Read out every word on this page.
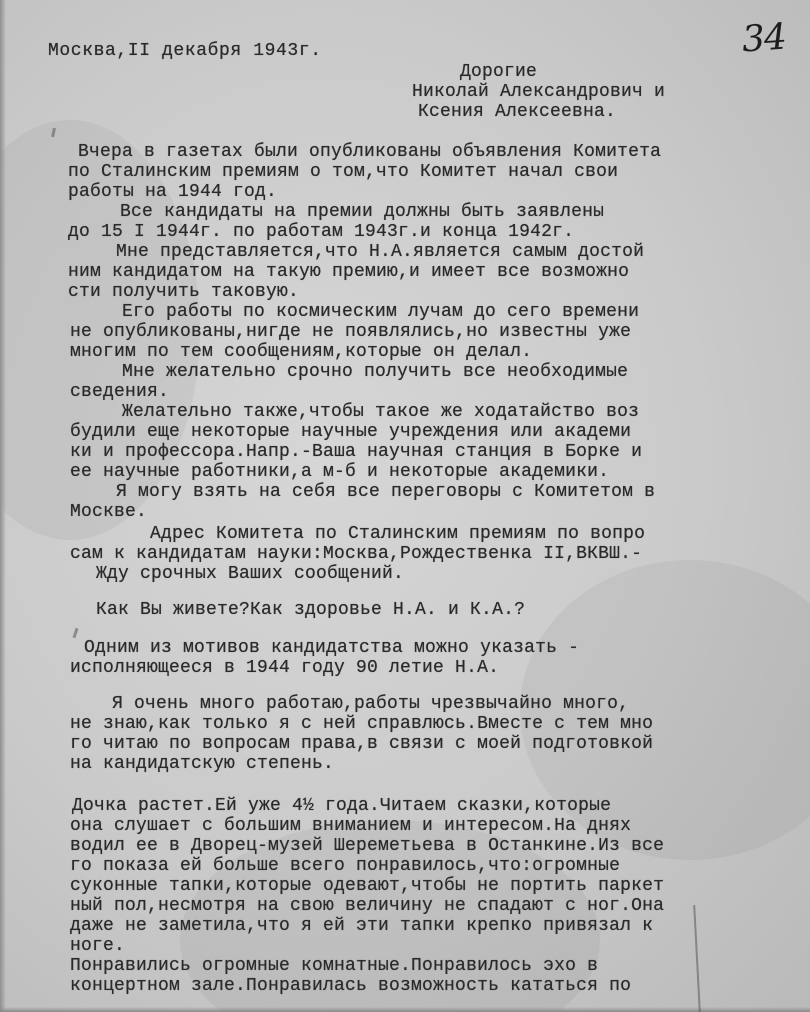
34
Москва,II декабря 1943г.
Дорогие
Николай Александрович и
Ксения Алексеевна.
Вчера в газетах были опубликованы объявления Комитета
по Сталинским премиям о том,что Комитет начал свои
работы на 1944 год.
Все кандидаты на премии должны быть заявлены
до 15 I 1944г. по работам 1943г.и конца 1942г.
Мне представляется,что Н.А.является самым достой
ним кандидатом на такую премию,и имеет все возможно
сти получить таковую.
Его работы по космическим лучам до сего времени
не опубликованы,нигде не появлялись,но известны уже
многим по тем сообщениям,которые он делал.
Мне желательно срочно получить все необходимые
сведения.
Желательно также,чтобы такое же ходатайство воз
будили еще некоторые научные учреждения или академи
ки и профессора.Напр.-Ваша научная станция в Борке и
ее научные работники,а м-б и некоторые академики.
Я могу взять на себя все переговоры с Комитетом в
Москве.
Адрес Комитета по Сталинским премиям по вопро
сам к кандидатам науки:Москва,Рождественка II,ВКВШ.-
Жду срочных Ваших сообщений.
Как Вы живете?Как здоровье Н.А. и К.А.?
Одним из мотивов кандидатства можно указать -
исполняющееся в 1944 году 90 летие Н.А.
Я очень много работаю,работы чрезвычайно много,
не знаю,как только я с ней справлюсь.Вместе с тем мно
го читаю по вопросам права,в связи с моей подготовкой
на кандидатскую степень.
Дочка растет.Ей уже 4½ года.Читаем сказки,которые
она слушает с большим вниманием и интересом.На днях
водил ее в Дворец-музей Шереметьева в Останкине.Из все
го показа ей больше всего понравилось,что:огромные
суконные тапки,которые одевают,чтобы не портить паркет
ный пол,несмотря на свою величину не спадают с ног.Она
даже не заметила,что я ей эти тапки крепко привязал к
ноге.
Понравились огромные комнатные.Понравилось эхо в
концертном зале.Понравилась возможность кататься по
